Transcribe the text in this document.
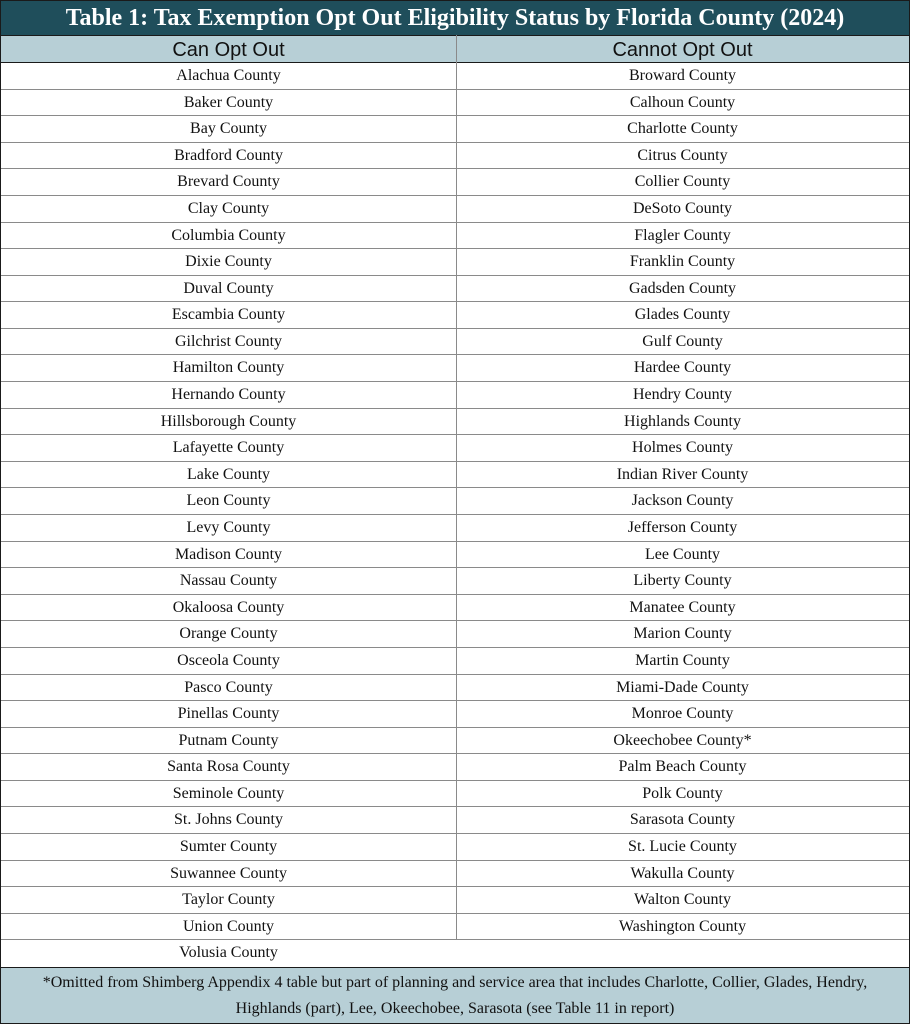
Table 1: Tax Exemption Opt Out Eligibility Status by Florida County (2024)
Can Opt Out	Cannot Opt Out
Alachua County	Broward County
Baker County	Calhoun County
Bay County	Charlotte County
Bradford County	Citrus County
Brevard County	Collier County
Clay County	DeSoto County
Columbia County	Flagler County
Dixie County	Franklin County
Duval County	Gadsden County
Escambia County	Glades County
Gilchrist County	Gulf County
Hamilton County	Hardee County
Hernando County	Hendry County
Hillsborough County	Highlands County
Lafayette County	Holmes County
Lake County	Indian River County
Leon County	Jackson County
Levy County	Jefferson County
Madison County	Lee County
Nassau County	Liberty County
Okaloosa County	Manatee County
Orange County	Marion County
Osceola County	Martin County
Pasco County	Miami-Dade County
Pinellas County	Monroe County
Putnam County	Okeechobee County*
Santa Rosa County	Palm Beach County
Seminole County	Polk County
St. Johns County	Sarasota County
Sumter County	St. Lucie County
Suwannee County	Wakulla County
Taylor County	Walton County
Union County	Washington County
Volusia County
*Omitted from Shimberg Appendix 4 table but part of planning and service area that includes Charlotte, Collier, Glades, Hendry,
Highlands (part), Lee, Okeechobee, Sarasota (see Table 11 in report)
